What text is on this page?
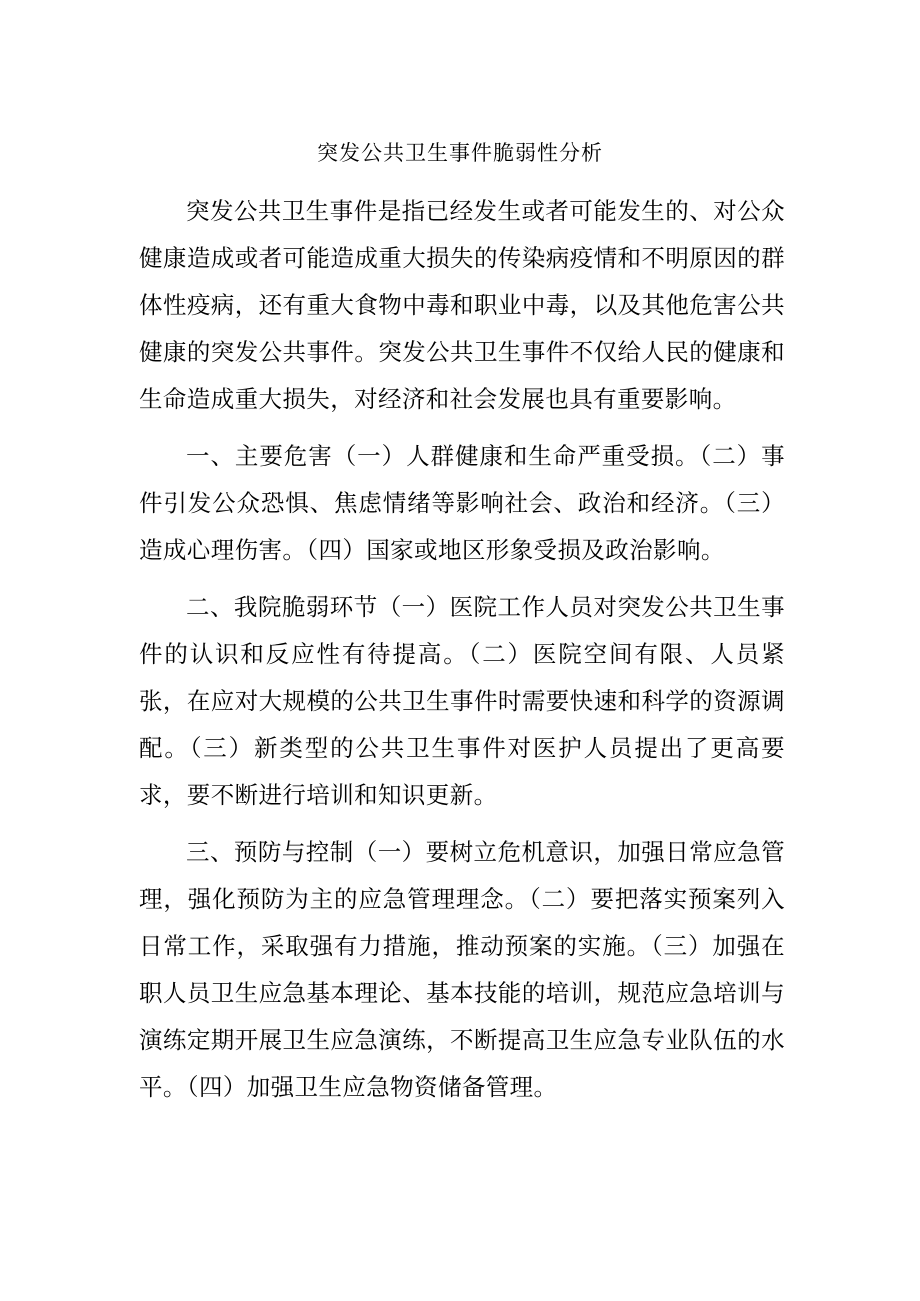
突发公共卫生事件脆弱性分析

突发公共卫生事件是指已经发生或者可能发生的、对公众健康造成或者可能造成重大损失的传染病疫情和不明原因的群体性疫病，还有重大食物中毒和职业中毒，以及其他危害公共健康的突发公共事件。突发公共卫生事件不仅给人民的健康和生命造成重大损失，对经济和社会发展也具有重要影响。

一、主要危害（一）人群健康和生命严重受损。（二）事件引发公众恐惧、焦虑情绪等影响社会、政治和经济。（三）造成心理伤害。（四）国家或地区形象受损及政治影响。

二、我院脆弱环节（一）医院工作人员对突发公共卫生事件的认识和反应性有待提高。（二）医院空间有限、人员紧张，在应对大规模的公共卫生事件时需要快速和科学的资源调配。（三）新类型的公共卫生事件对医护人员提出了更高要求，要不断进行培训和知识更新。

三、预防与控制（一）要树立危机意识，加强日常应急管理，强化预防为主的应急管理理念。（二）要把落实预案列入日常工作，采取强有力措施，推动预案的实施。（三）加强在职人员卫生应急基本理论、基本技能的培训，规范应急培训与演练定期开展卫生应急演练，不断提高卫生应急专业队伍的水平。（四）加强卫生应急物资储备管理。
